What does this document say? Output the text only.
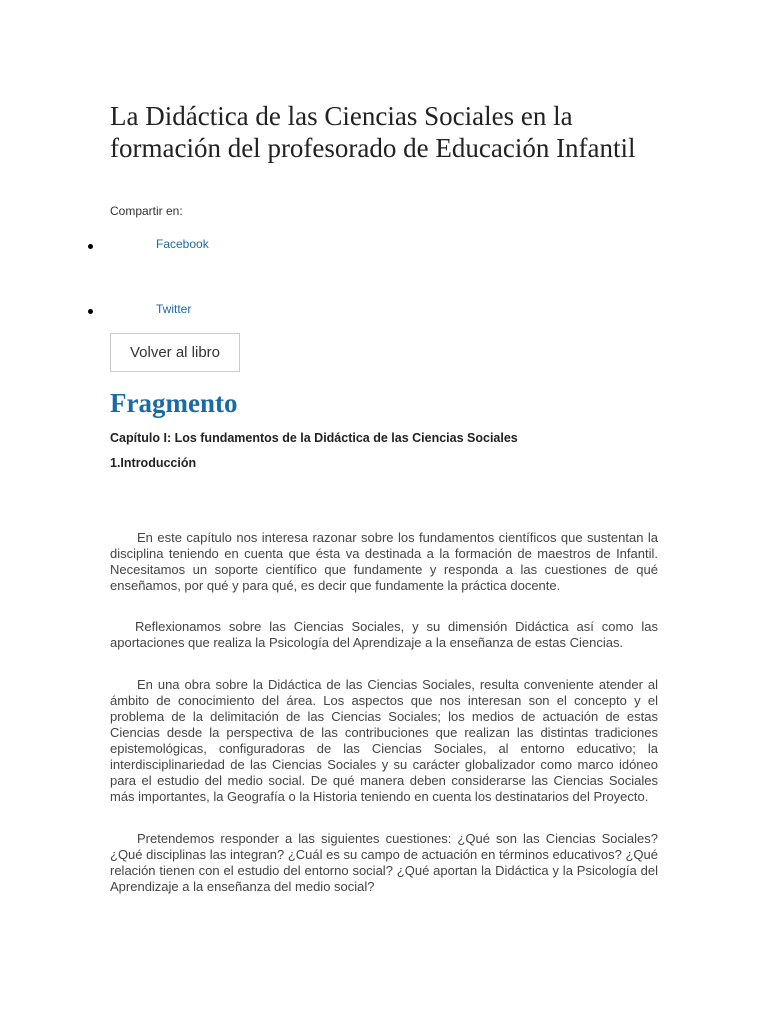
La Didáctica de las Ciencias Sociales en la formación del profesorado de Educación Infantil
Compartir en:
Facebook
Twitter
Volver al libro
Fragmento

Capítulo I: Los fundamentos de la Didáctica de las Ciencias Sociales

1.Introducción

En este capítulo nos interesa razonar sobre los fundamentos científicos que sustentan la disciplina teniendo en cuenta que ésta va destinada a la formación de maestros de Infantil. Necesitamos un soporte científico que fundamente y responda a las cuestiones de qué enseñamos, por qué y para qué, es decir que fundamente la práctica docente.

Reflexionamos sobre las Ciencias Sociales, y su dimensión Didáctica así como las aportaciones que realiza la Psicología del Aprendizaje a la enseñanza de estas Ciencias.

En una obra sobre la Didáctica de las Ciencias Sociales, resulta conveniente atender al ámbito de conocimiento del área. Los aspectos que nos interesan son el concepto y el problema de la delimitación de las Ciencias Sociales; los medios de actuación de estas Ciencias desde la perspectiva de las contribuciones que realizan las distintas tradiciones epistemológicas, configuradoras de las Ciencias Sociales, al entorno educativo; la interdisciplinariedad de las Ciencias Sociales y su carácter globalizador como marco idóneo para el estudio del medio social. De qué manera deben considerarse las Ciencias Sociales más importantes, la Geografía o la Historia teniendo en cuenta los destinatarios del Proyecto.

Pretendemos responder a las siguientes cuestiones: ¿Qué son las Ciencias Sociales? ¿Qué disciplinas las integran? ¿Cuál es su campo de actuación en términos educativos? ¿Qué relación tienen con el estudio del entorno social? ¿Qué aportan la Didáctica y la Psicología del Aprendizaje a la enseñanza del medio social?
